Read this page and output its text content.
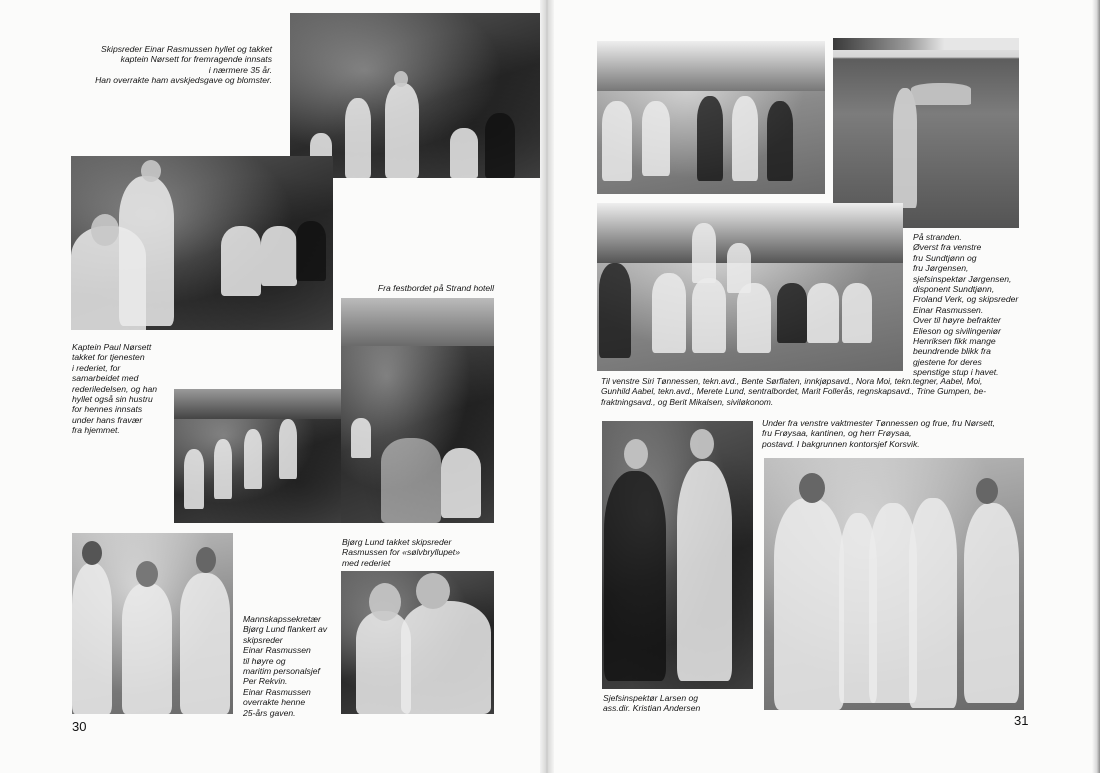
Skipsreder Einar Rasmussen hyllet og takket
kaptein Nørsett for fremragende innsats
i nærmere 35 år.
Han overrakte ham avskjedsgave og blomster.
Fra festbordet på Strand hotell
Kaptein Paul Nørsett
takket for tjenesten
i rederiet, for
samarbeidet med
rederiledelsen, og han
hyllet også sin hustru
for hennes innsats
under hans fravær
fra hjemmet.
Bjørg Lund takket skipsreder
Rasmussen for «sølvbryllupet»
med rederiet
Mannskapssekretær
Bjørg Lund flankert av
skipsreder
Einar Rasmussen
til høyre og
maritim personalsjef
Per Rekvin.
Einar Rasmussen
overrakte henne
25-års gaven.
30
På stranden.
Øverst fra venstre
fru Sundtjønn og
fru Jørgensen,
sjefsinspektør Jørgensen,
disponent Sundtjønn,
Froland Verk, og skipsreder
Einar Rasmussen.
Over til høyre befrakter
Elieson og sivilingeniør
Henriksen fikk mange
beundrende blikk fra
gjestene for deres
spenstige stup i havet.
Til venstre Siri Tønnessen, tekn.avd., Bente Sørflaten, innkjøpsavd., Nora Moi, tekn.tegner, Aabel, Moi,
Gunhild Aabel, tekn.avd., Merete Lund, sentralbordet, Marit Follerås, regnskapsavd., Trine Gumpen, be-
fraktningsavd., og Berit Mikalsen, siviløkonom.
Under fra venstre vaktmester Tønnessen og frue, fru Nørsett,
fru Frøysaa, kantinen, og herr Frøysaa,
postavd. I bakgrunnen kontorsjef Korsvik.
Sjefsinspektør Larsen og
ass.dir. Kristian Andersen
31
